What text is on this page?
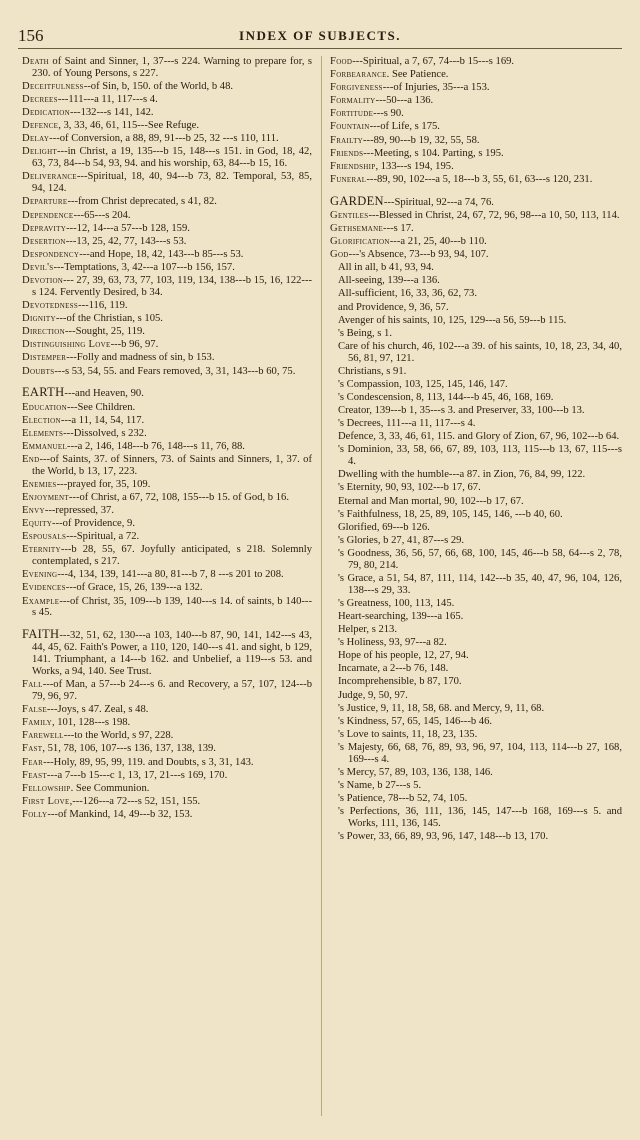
156	INDEX OF SUBJECTS.
Death of Saint and Sinner, 1, 37---s 224. Warning to prepare for, s 230. of Young Persons, s 227.
Deceitfulness--of Sin, b, 150. of the World, b 48.
Decrees---111---a 11, 117---s 4.
Dedication---132---s 141, 142.
Defence, 3, 33, 46, 61, 115---See Refuge.
Delay---of Conversion, a 88, 89, 91---b 25, 32 ---s 110, 111.
Delight---in Christ, a 19, 135---b 15, 148---s 151. in God, 18, 42, 63, 73, 84---b 54, 93, 94. and his worship, 63, 84---b 15, 16.
Deliverance---Spiritual, 18, 40, 94---b 73, 82. Temporal, 53, 85, 94, 124.
Departure---from Christ deprecated, s 41, 82.
Dependence---65---s 204.
Depravity---12, 14---a 57---b 128, 159.
Desertion---13, 25, 42, 77, 143---s 53.
Despondency---and Hope, 18, 42, 143---b 85---s 53.
Devil's---Temptations, 3, 42---a 107---b 156, 157.
Devotion--- 27, 39, 63, 73, 77, 103, 119, 134, 138---b 15, 16, 122---s 124. Fervently Desired, b 34.
Devotedness---116, 119.
Dignity---of the Christian, s 105.
Direction---Sought, 25, 119.
Distinguishing Love---b 96, 97.
Distemper---Folly and madness of sin, b 153.
Doubts---s 53, 54, 55. and Fears removed, 3, 31, 143---b 60, 75.
EARTH---and Heaven, 90.
Education---See Children.
Election---a 11, 14, 54, 117.
Elements---Dissolved, s 232.
Emmanuel---a 2, 146, 148---b 76, 148---s 11, 76, 88.
End---of Saints, 37. of Sinners, 73. of Saints and Sinners, 1, 37. of the World, b 13, 17, 223.
Enemies---prayed for, 35, 109.
Enjoyment---of Christ, a 67, 72, 108, 155---b 15. of God, b 16.
Envy---repressed, 37.
Equity---of Providence, 9.
Espousals---Spiritual, a 72.
Eternity---b 28, 55, 67. Joyfully anticipated, s 218. Solemnly contemplated, s 217.
Evening---4, 134, 139, 141---a 80, 81---b 7, 8 ---s 201 to 208.
Evidences---of Grace, 15, 26, 139---a 132.
Example---of Christ, 35, 109---b 139, 140---s 14. of saints, b 140---s 45.
FAITH---32, 51, 62, 130---a 103, 140---b 87, 90, 141, 142---s 43, 44, 45, 62. Faith's Power, a 110, 120, 140---s 41. and sight, b 129, 141. Triumphant, a 14---b 162. and Unbelief, a 119---s 53. and Works, a 94, 140. See Trust.
Fall---of Man, a 57---b 24---s 6. and Recovery, a 57, 107, 124---b 79, 96, 97.
False---Joys, s 47. Zeal, s 48.
Family, 101, 128---s 198.
Farewell---to the World, s 97, 228.
Fast, 51, 78, 106, 107---s 136, 137, 138, 139.
Fear---Holy, 89, 95, 99, 119. and Doubts, s 3, 31, 143.
Feast---a 7---b 15---c 1, 13, 17, 21---s 169, 170.
Fellowship. See Communion.
First Love,---126---a 72---s 52, 151, 155.
Folly---of Mankind, 14, 49---b 32, 153.
Food---Spiritual, a 7, 67, 74---b 15---s 169.
Forbearance. See Patience.
Forgiveness---of Injuries, 35---a 153.
Formality---50---a 136.
Fortitude---s 90.
Fountain---of Life, s 175.
Frailty---89, 90---b 19, 32, 55, 58.
Friends---Meeting, s 104. Parting, s 195.
Friendship, 133---s 194, 195.
Funeral---89, 90, 102---a 5, 18---b 3, 55, 61, 63---s 120, 231.
GARDEN---Spiritual, 92---a 74, 76.
Gentiles---Blessed in Christ, 24, 67, 72, 96, 98---a 10, 50, 113, 114.
Gethsemane---s 17.
Glorification---a 21, 25, 40---b 110.
God---'s Absence, 73---b 93, 94, 107.
All in all, b 41, 93, 94.
All-seeing, 139---a 136.
All-sufficient, 16, 33, 36, 62, 73.
and Providence, 9, 36, 57.
Avenger of his saints, 10, 125, 129---a 56, 59---b 115.
's Being, s 1.
Care of his church, 46, 102---a 39. of his saints, 10, 18, 23, 34, 40, 56, 81, 97, 121.
Christians, s 91.
's Compassion, 103, 125, 145, 146, 147.
's Condescension, 8, 113, 144---b 45, 46, 168, 169.
Creator, 139---b 1, 35---s 3. and Preserver, 33, 100---b 13.
's Decrees, 111---a 11, 117---s 4.
Defence, 3, 33, 46, 61, 115. and Glory of Zion, 67, 96, 102---b 64.
's Dominion, 33, 58, 66, 67, 89, 103, 113, 115---b 13, 67, 115---s 4.
Dwelling with the humble---a 87. in Zion, 76, 84, 99, 122.
's Eternity, 90, 93, 102---b 17, 67.
Eternal and Man mortal, 90, 102---b 17, 67.
's Faithfulness, 18, 25, 89, 105, 145, 146, ---b 40, 60.
Glorified, 69---b 126.
's Glories, b 27, 41, 87---s 29.
's Goodness, 36, 56, 57, 66, 68, 100, 145, 46---b 58, 64---s 2, 78, 79, 80, 214.
's Grace, a 51, 54, 87, 111, 114, 142---b 35, 40, 47, 96, 104, 126, 138---s 29, 33.
's Greatness, 100, 113, 145.
Heart-searching, 139---a 165.
Helper, s 213.
's Holiness, 93, 97---a 82.
Hope of his people, 12, 27, 94.
Incarnate, a 2---b 76, 148.
Incomprehensible, b 87, 170.
Judge, 9, 50, 97.
's Justice, 9, 11, 18, 58, 68. and Mercy, 9, 11, 68.
's Kindness, 57, 65, 145, 146---b 46.
's Love to saints, 11, 18, 23, 135.
's Majesty, 66, 68, 76, 89, 93, 96, 97, 104, 113, 114---b 27, 168, 169---s 4.
's Mercy, 57, 89, 103, 136, 138, 146.
's Name, b 27---s 5.
's Patience, 78---b 52, 74, 105.
's Perfections, 36, 111, 136, 145, 147---b 168, 169---s 5. and Works, 111, 136, 145.
's Power, 33, 66, 89, 93, 96, 147, 148---b 13, 170.
